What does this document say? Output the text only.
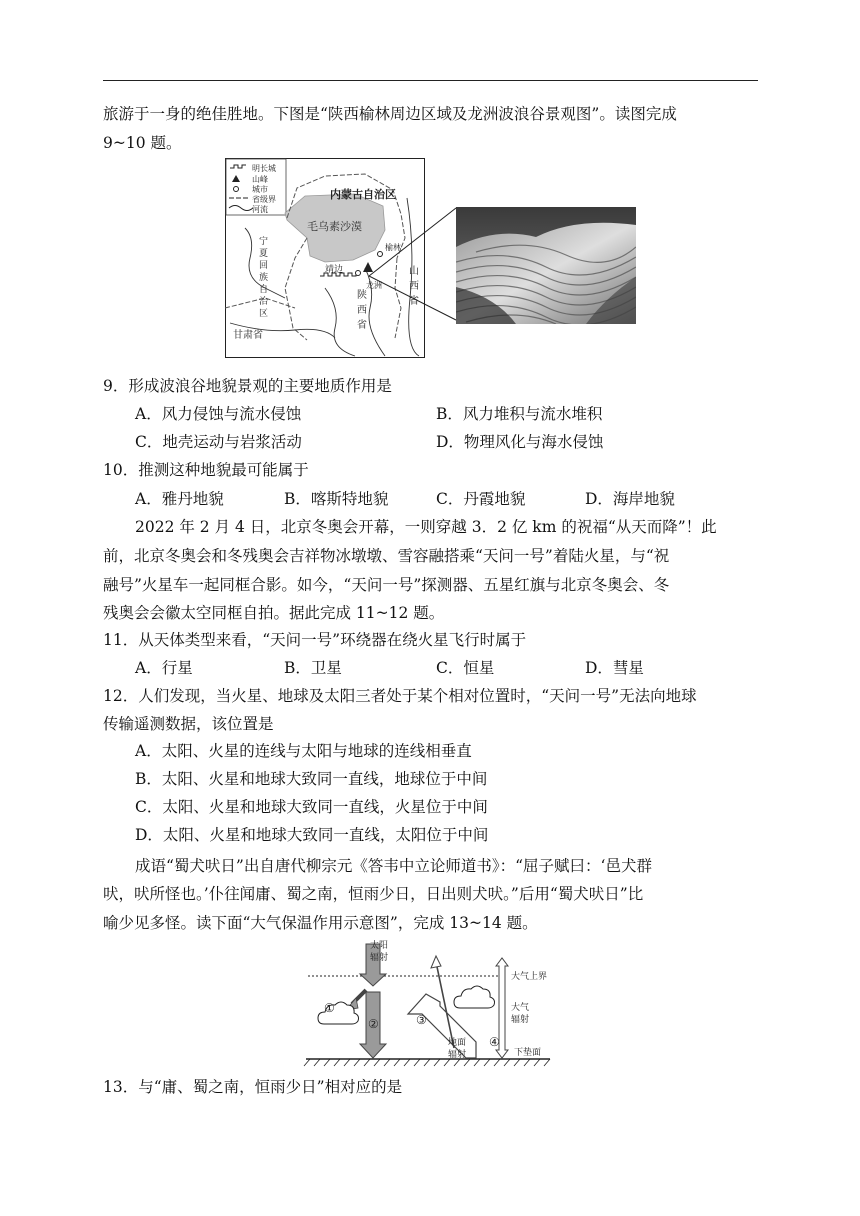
旅游于一身的绝佳胜地。下图是“陕西榆林周边区域及龙洲波浪谷景观图”。读图完成
9~10 题。
明长城
山峰
城市
省级界
河流
内蒙古自治区
毛乌素沙漠
榆林
靖边
龙洲
甘肃省
宁
夏
回
族
自
治
区
陕
西
省
山
西
省
9．形成波浪谷地貌景观的主要地质作用是
A．风力侵蚀与流水侵蚀	B．风力堆积与流水堆积
C．地壳运动与岩浆活动	D．物理风化与海水侵蚀
10．推测这种地貌最可能属于
A．雅丹地貌	B．喀斯特地貌	C．丹霞地貌	D．海岸地貌
2022 年 2 月 4 日，北京冬奥会开幕，一则穿越 3．2 亿 km 的祝福“从天而降”！此
前，北京冬奥会和冬残奥会吉祥物冰墩墩、雪容融搭乘“天问一号”着陆火星，与“祝
融号”火星车一起同框合影。如今，“天问一号”探测器、五星红旗与北京冬奥会、冬
残奥会会徽太空同框自拍。据此完成 11~12 题。
11．从天体类型来看，“天问一号”环绕器在绕火星飞行时属于
A．行星	B．卫星	C．恒星	D．彗星
12．人们发现，当火星、地球及太阳三者处于某个相对位置时，“天问一号”无法向地球
传输遥测数据，该位置是
A．太阳、火星的连线与太阳与地球的连线相垂直
B．太阳、火星和地球大致同一直线，地球位于中间
C．太阳、火星和地球大致同一直线，火星位于中间
D．太阳、火星和地球大致同一直线，太阳位于中间
成语“蜀犬吠日”出自唐代柳宗元《答韦中立论师道书》：“屈子赋曰：‘邑犬群
吠，吠所怪也。’仆往闻庸、蜀之南，恒雨少日，日出则犬吠。”后用“蜀犬吠日”比
喻少见多怪。读下面“大气保温作用示意图”，完成 13~14 题。
太阳
辐射
大气上界
大气
辐射
地面
辐射	下垫面
①
②	③
④
13．与“庸、蜀之南，恒雨少日”相对应的是
